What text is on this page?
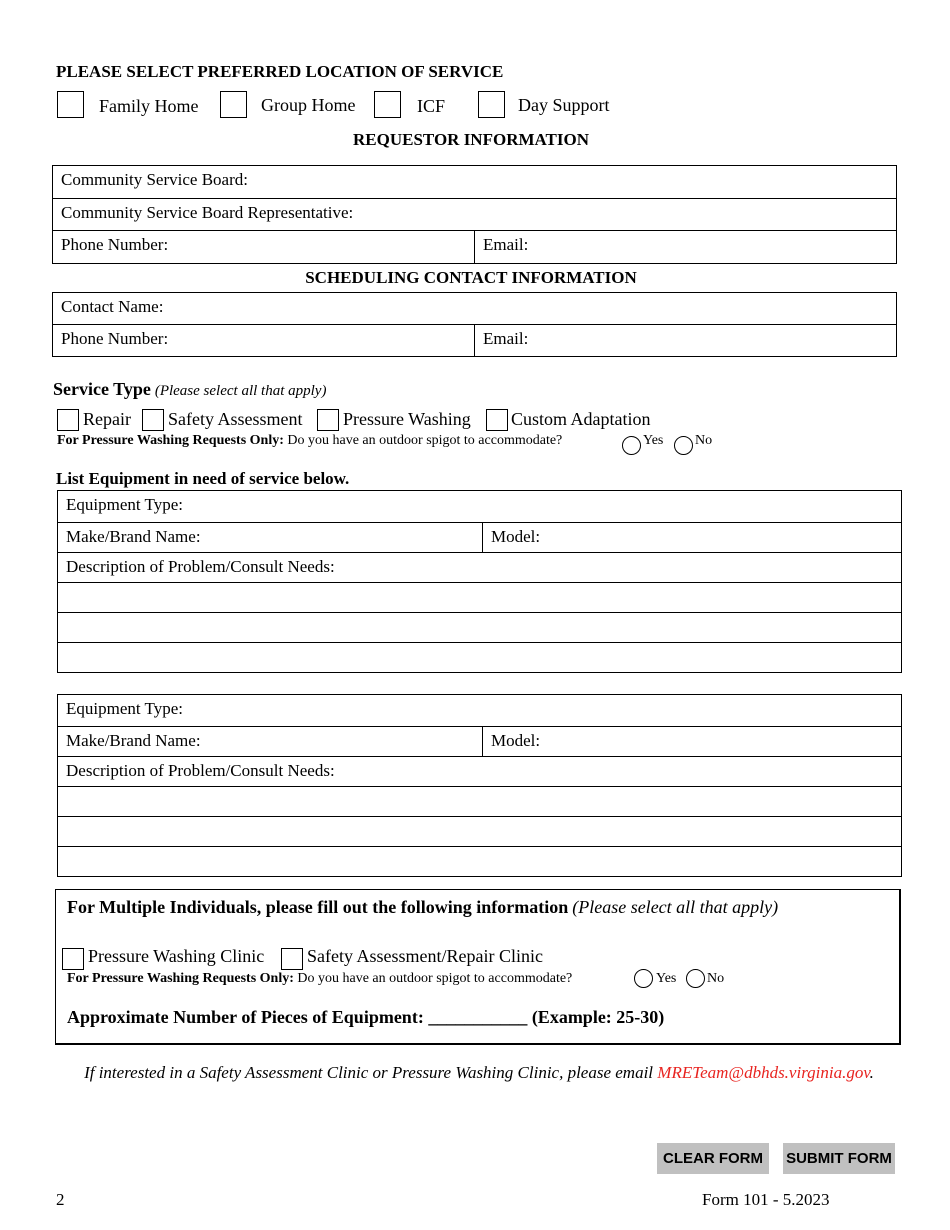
PLEASE SELECT PREFERRED LOCATION OF SERVICE
Family Home	Group Home	ICF	Day Support
REQUESTOR INFORMATION
Community Service Board:
Community Service Board Representative:
Phone Number:	Email:
SCHEDULING CONTACT INFORMATION
Contact Name:
Phone Number:	Email:
Service Type (Please select all that apply)
Repair Safety Assessment Pressure Washing Custom Adaptation
For Pressure Washing Requests Only: Do you have an outdoor spigot to accommodate?	Yes No
List Equipment in need of service below.
Equipment Type:
Make/Brand Name:	Model:
Description of Problem/Consult Needs:

Equipment Type:
Make/Brand Name:	Model:
Description of Problem/Consult Needs:

For Multiple Individuals, please fill out the following information (Please select all that apply)
Pressure Washing Clinic Safety Assessment/Repair Clinic
For Pressure Washing Requests Only: Do you have an outdoor spigot to accommodate?	Yes No
Approximate Number of Pieces of Equipment: ___________ (Example: 25-30)
If interested in a Safety Assessment Clinic or Pressure Washing Clinic, please email MRETeam@dbhds.virginia.gov.
CLEAR FORM	SUBMIT FORM
2	Form 101 - 5.2023
